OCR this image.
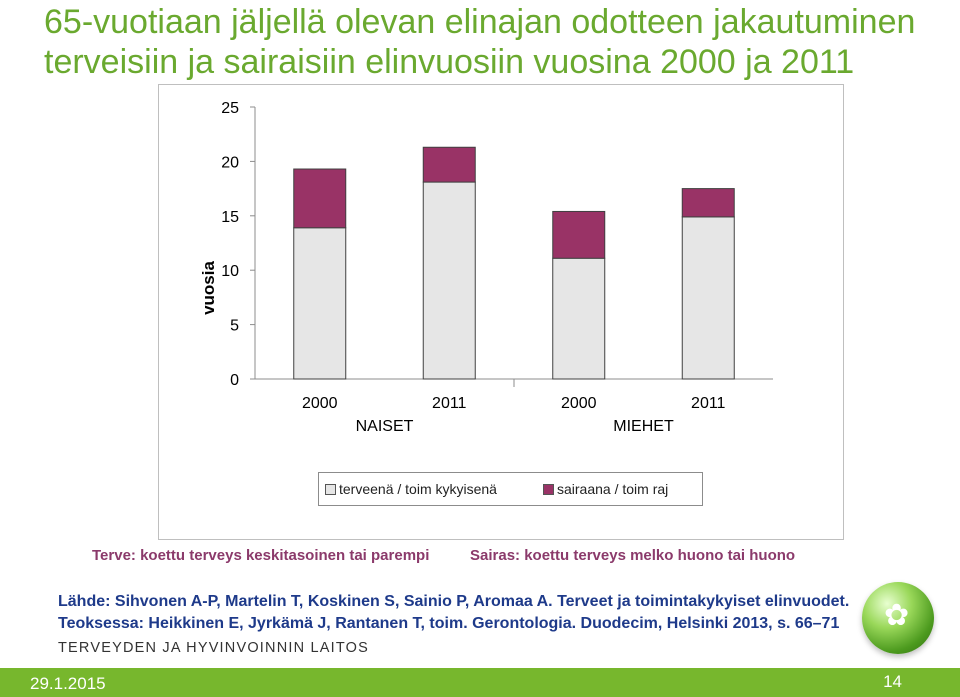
65-vuotiaan jäljellä olevan elinajan odotteen jakautuminen
terveisiin ja sairaisiin elinvuosiin vuosina 2000 ja 2011
0
5
10
15
20
25
vuosia
2000	2011	2000	2011
NAISET	MIEHET
terveenä / toim kykyisenä	sairaana / toim raj
Terve: koettu terveys keskitasoinen tai parempi	Sairas: koettu terveys melko huono tai huono
Lähde: Sihvonen A-P, Martelin T, Koskinen S, Sainio P, Aromaa A. Terveet ja toimintakykyiset elinvuodet.
Teoksessa: Heikkinen E, Jyrkämä J, Rantanen T, toim. Gerontologia. Duodecim, Helsinki 2013, s. 66–71
TERVEYDEN JA HYVINVOINNIN LAITOS
✿
29.1.2015	14
